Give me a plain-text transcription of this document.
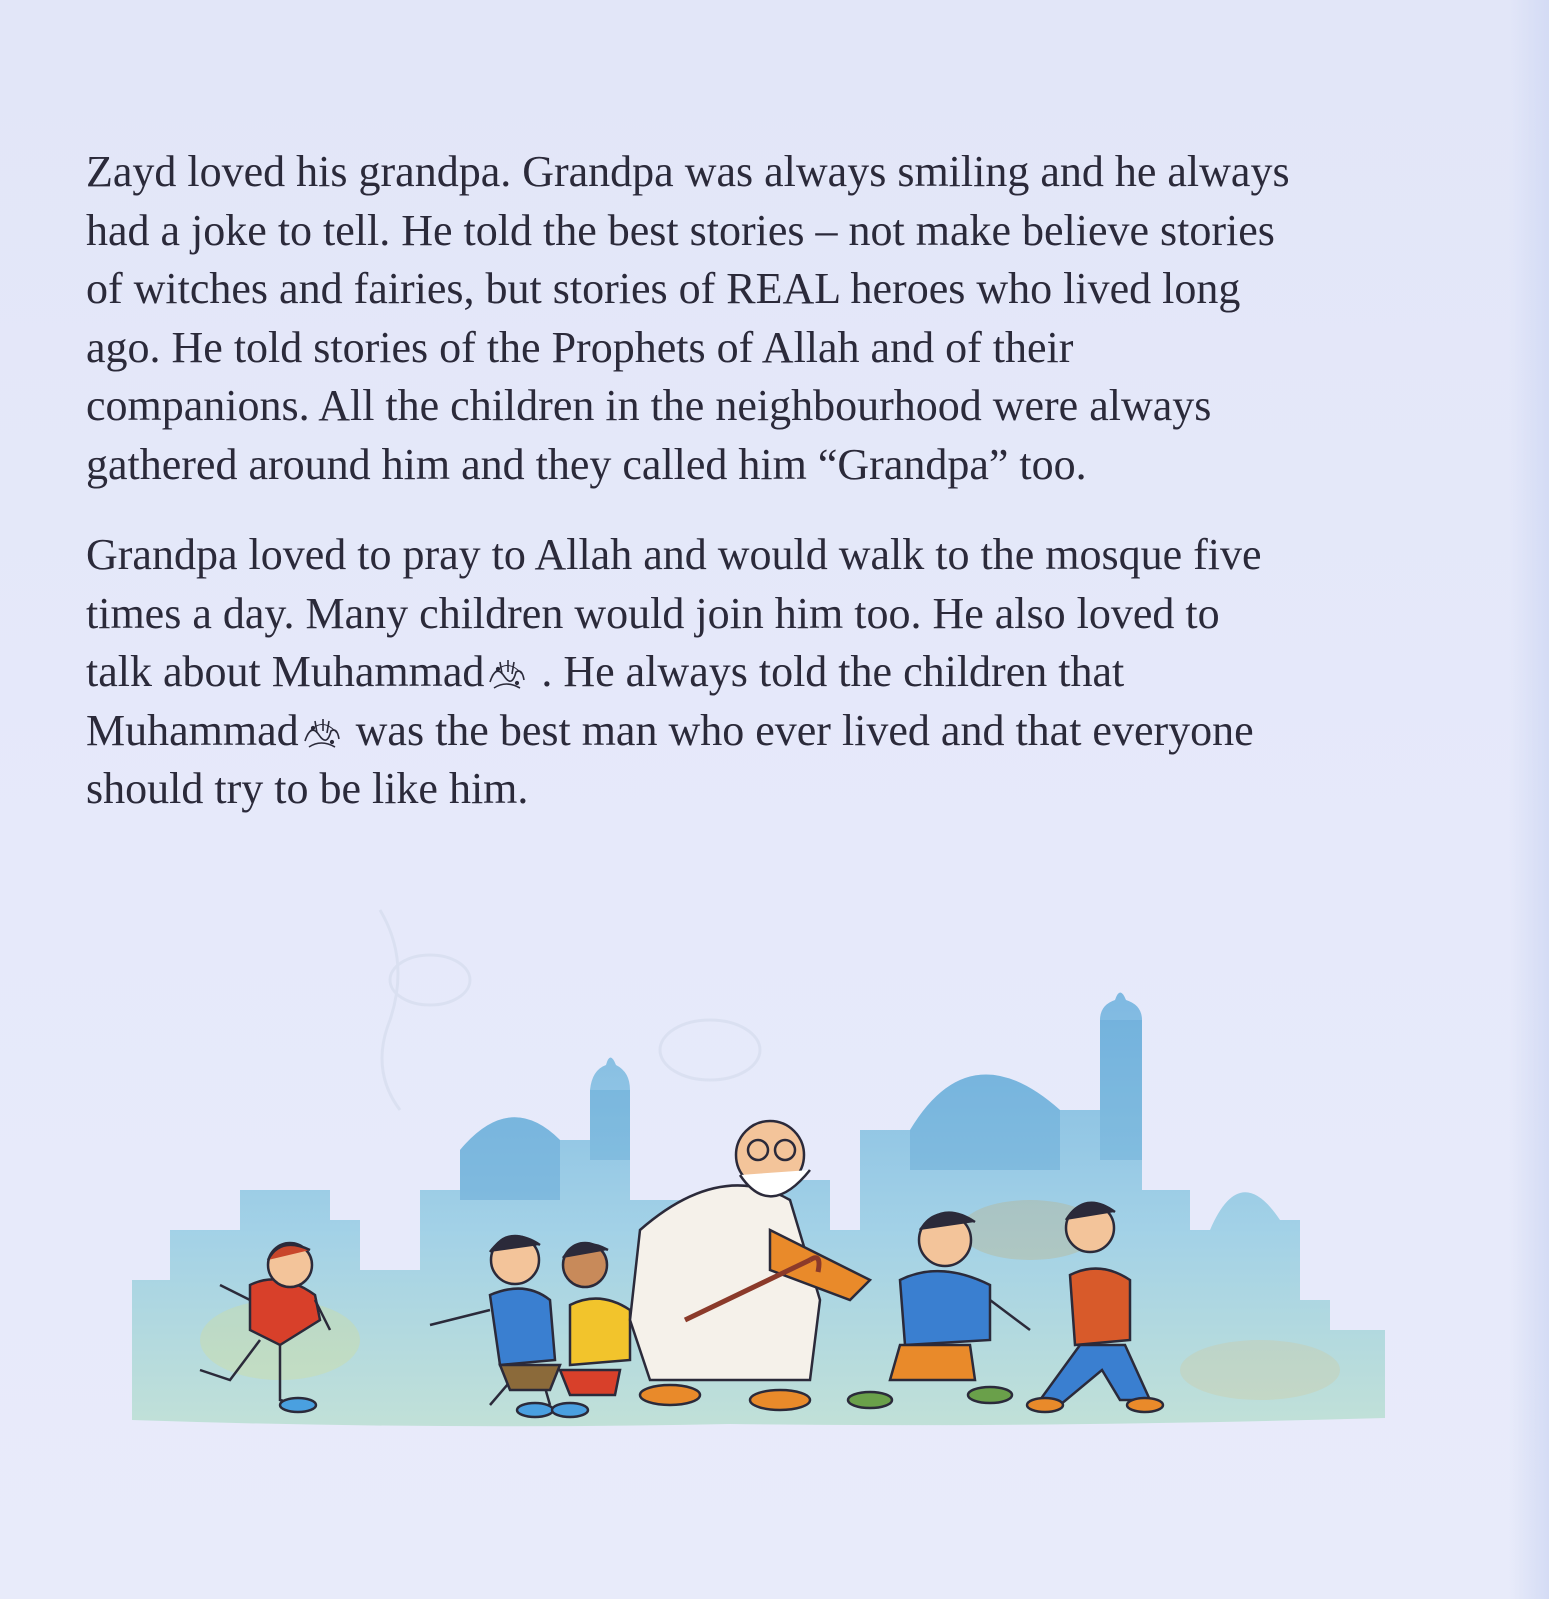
Zayd loved his grandpa. Grandpa was always smiling and he always
had a joke to tell. He told the best stories – not make believe stories
of witches and fairies, but stories of REAL heroes who lived long
ago. He told stories of the Prophets of Allah and of their
companions. All the children in the neighbourhood were always
gathered around him and they called him “Grandpa” too.

Grandpa loved to pray to Allah and would walk to the mosque five
times a day. Many children would join him too. He also loved to
talk about Muhammad . He always told the children that
Muhammad was the best man who ever lived and that everyone
should try to be like him.
